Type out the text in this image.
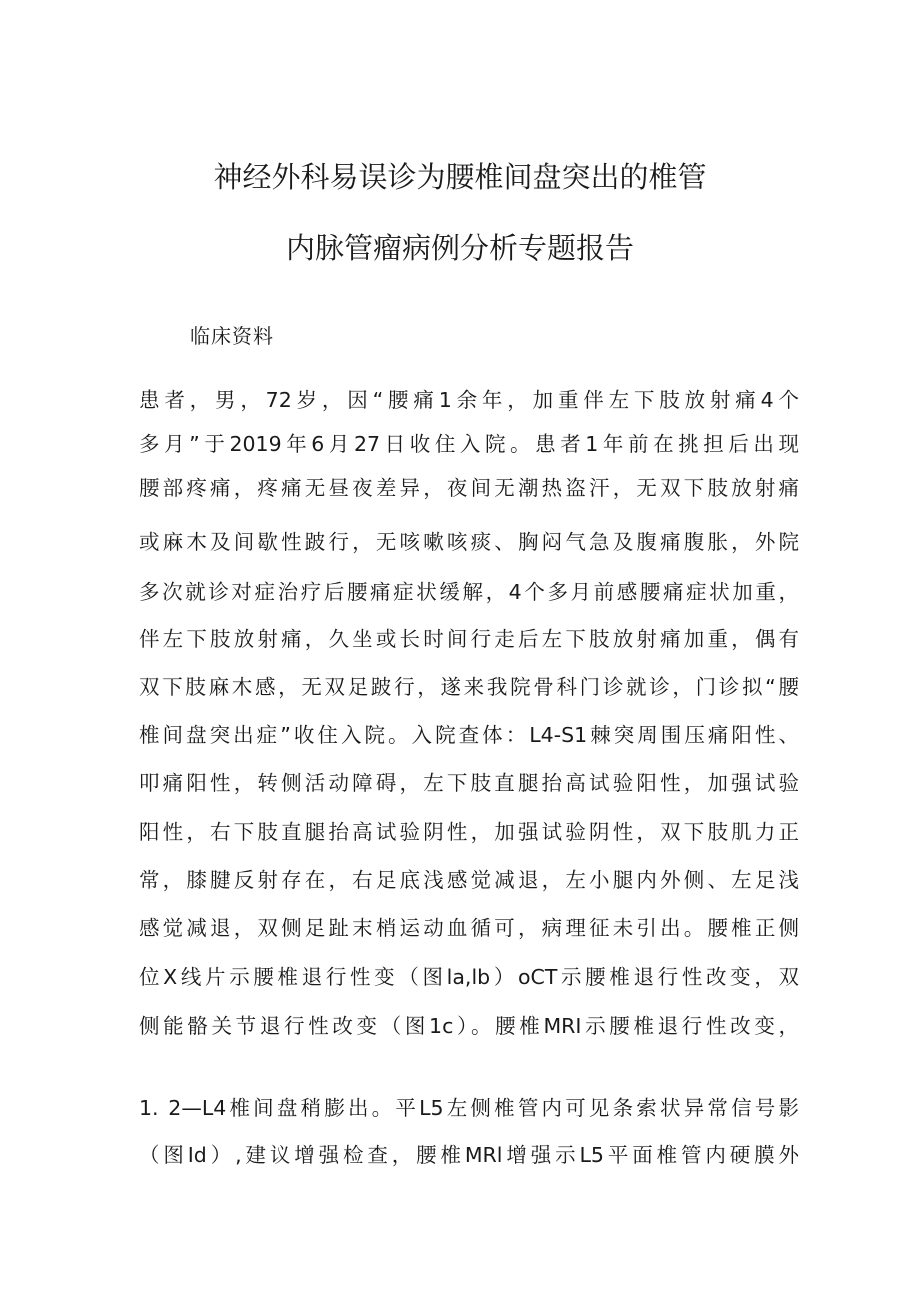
神经外科易误诊为腰椎间盘突出的椎管
内脉管瘤病例分析专题报告
临床资料
患者，男，72岁，因“腰痛1余年，加重伴左下肢放射痛4个
多月”于2019年6月27日收住入院。患者1年前在挑担后出现
腰部疼痛，疼痛无昼夜差异，夜间无潮热盗汗，无双下肢放射痛
或麻木及间歇性跛行，无咳嗽咳痰、胸闷气急及腹痛腹胀，外院
多次就诊对症治疗后腰痛症状缓解，4个多月前感腰痛症状加重，
伴左下肢放射痛，久坐或长时间行走后左下肢放射痛加重，偶有
双下肢麻木感，无双足跛行，遂来我院骨科门诊就诊，门诊拟“腰
椎间盘突出症”收住入院。入院查体：L4-S1棘突周围压痛阳性、
叩痛阳性，转侧活动障碍，左下肢直腿抬高试验阳性，加强试验
阳性，右下肢直腿抬高试验阴性，加强试验阴性，双下肢肌力正
常，膝腱反射存在，右足底浅感觉减退，左小腿内外侧、左足浅
感觉减退，双侧足趾末梢运动血循可，病理征未引出。腰椎正侧
位X线片示腰椎退行性变（图la,lb）oCT示腰椎退行性改变，双
侧能骼关节退行性改变（图1c）。腰椎MRI示腰椎退行性改变，
1. 2—L4椎间盘稍膨出。平L5左侧椎管内可见条索状异常信号影
（图Id）,建议增强检查，腰椎MRl增强示L5平面椎管内硬膜外
